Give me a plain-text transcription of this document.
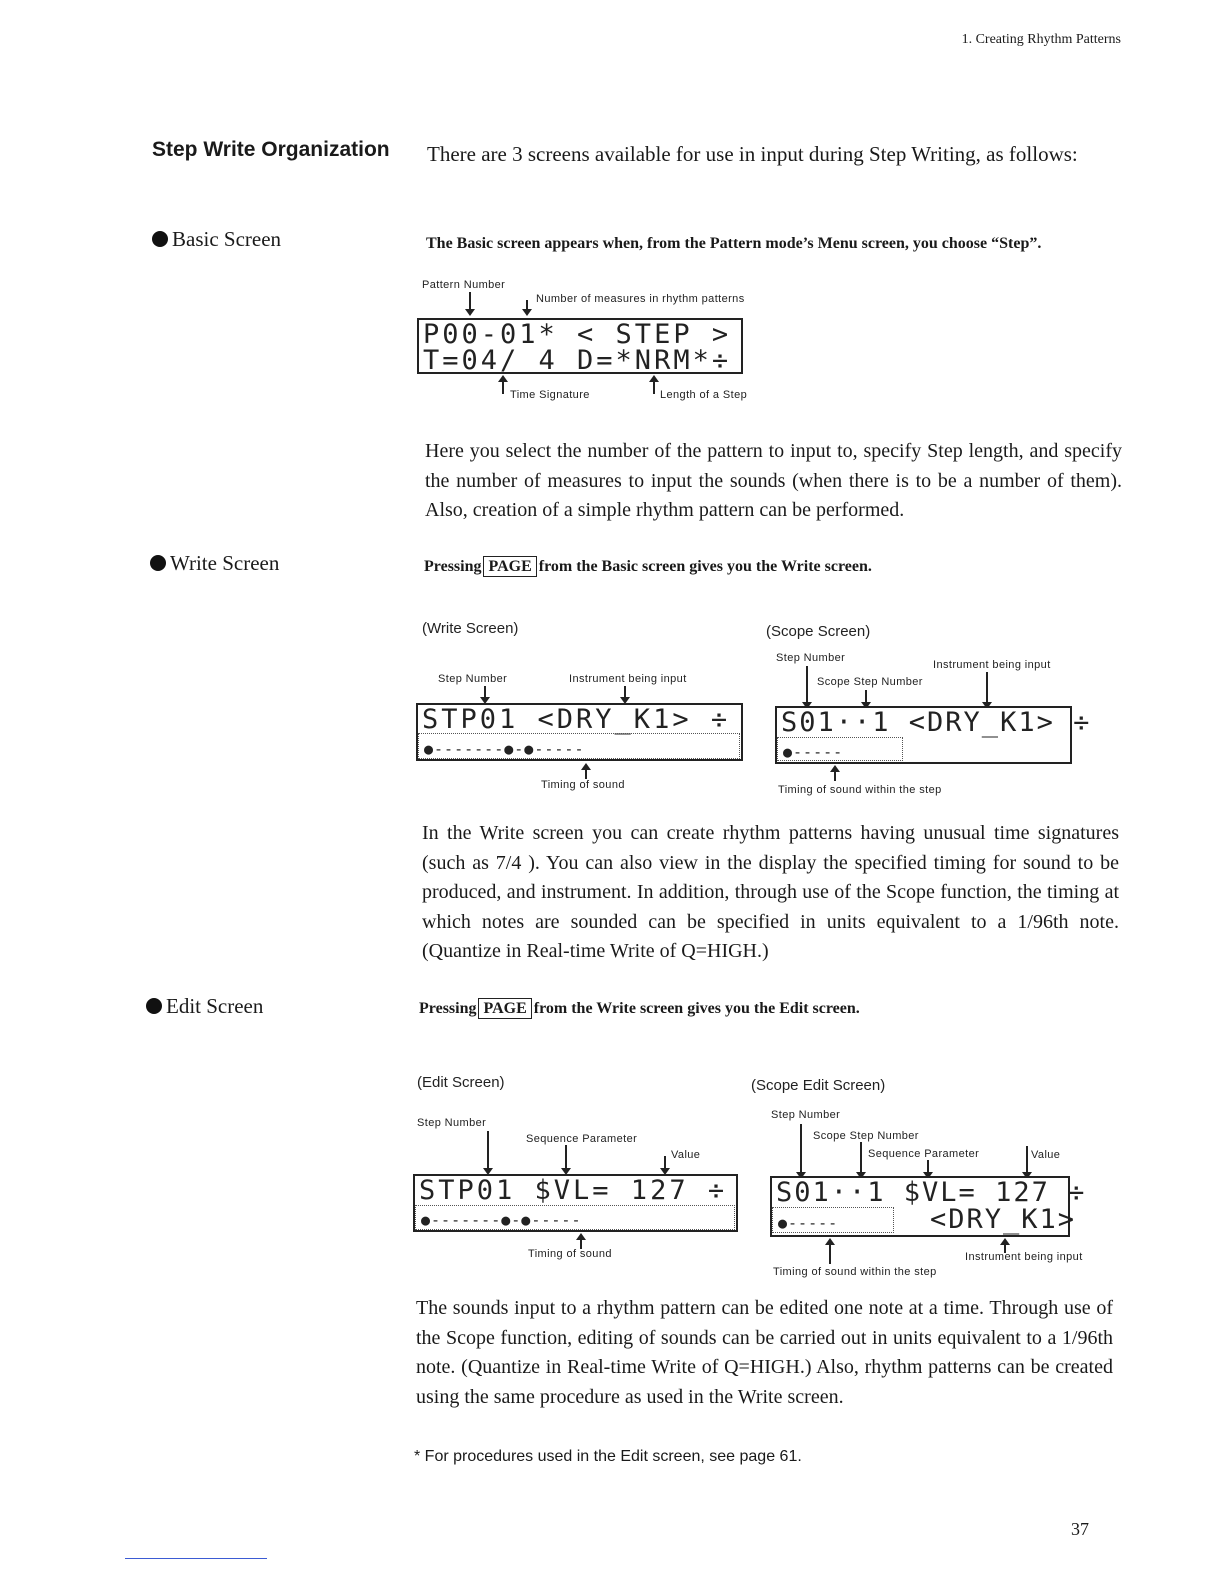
1. Creating Rhythm Patterns
Step Write Organization There are 3 screens available for use in input during Step Writing, as follows:
Basic Screen	The Basic screen appears when, from the Pattern mode’s Menu screen, you choose “Step”.
Pattern Number
Number of measures in rhythm patterns
P00-01* < STEP >
T=04/ 4 D=*NRM*÷
Time Signature	Length of a Step
Here you select the number of the pattern to input to, specify Step length, and specify the number of measures to input the sounds (when there is to be a number of them). Also, creation of a simple rhythm pattern can be performed.
Write Screen	Pressing PAGE from the Basic screen gives you the Write screen.
(Write Screen)	(Scope Screen)
Step Number	Instrument being input
STP01 <DRY_K1> ÷
●-------●-●-----
Timing of sound
Step Number
Instrument being input
Scope Step Number
S01··1 <DRY_K1> ÷
●-----
Timing of sound within the step
In the Write screen you can create rhythm patterns having unusual time signatures (such as 7/4 ). You can also view in the display the specified timing for sound to be produced, and instrument. In addition, through use of the Scope function, the timing at which notes are sounded can be specified in units equivalent to a 1/96th note. (Quantize in Real-time Write of Q=HIGH.)
Edit Screen	Pressing PAGE from the Write screen gives you the Edit screen.
(Edit Screen)	(Scope Edit Screen)
Step Number
Sequence Parameter
Value
STP01 $VL= 127 ÷
●-------●-●-----
Timing of sound
Step Number
Scope Step Number
Sequence Parameter	Value
S01··1 $VL= 127 ÷
●-----	<DRY_K1>
Instrument being input
Timing of sound within the step
The sounds input to a rhythm pattern can be edited one note at a time. Through use of the Scope function, editing of sounds can be carried out in units equivalent to a 1/96th note. (Quantize in Real-time Write of Q=HIGH.) Also, rhythm patterns can be created using the same procedure as used in the Write screen.
* For procedures used in the Edit screen, see page 61.
37
